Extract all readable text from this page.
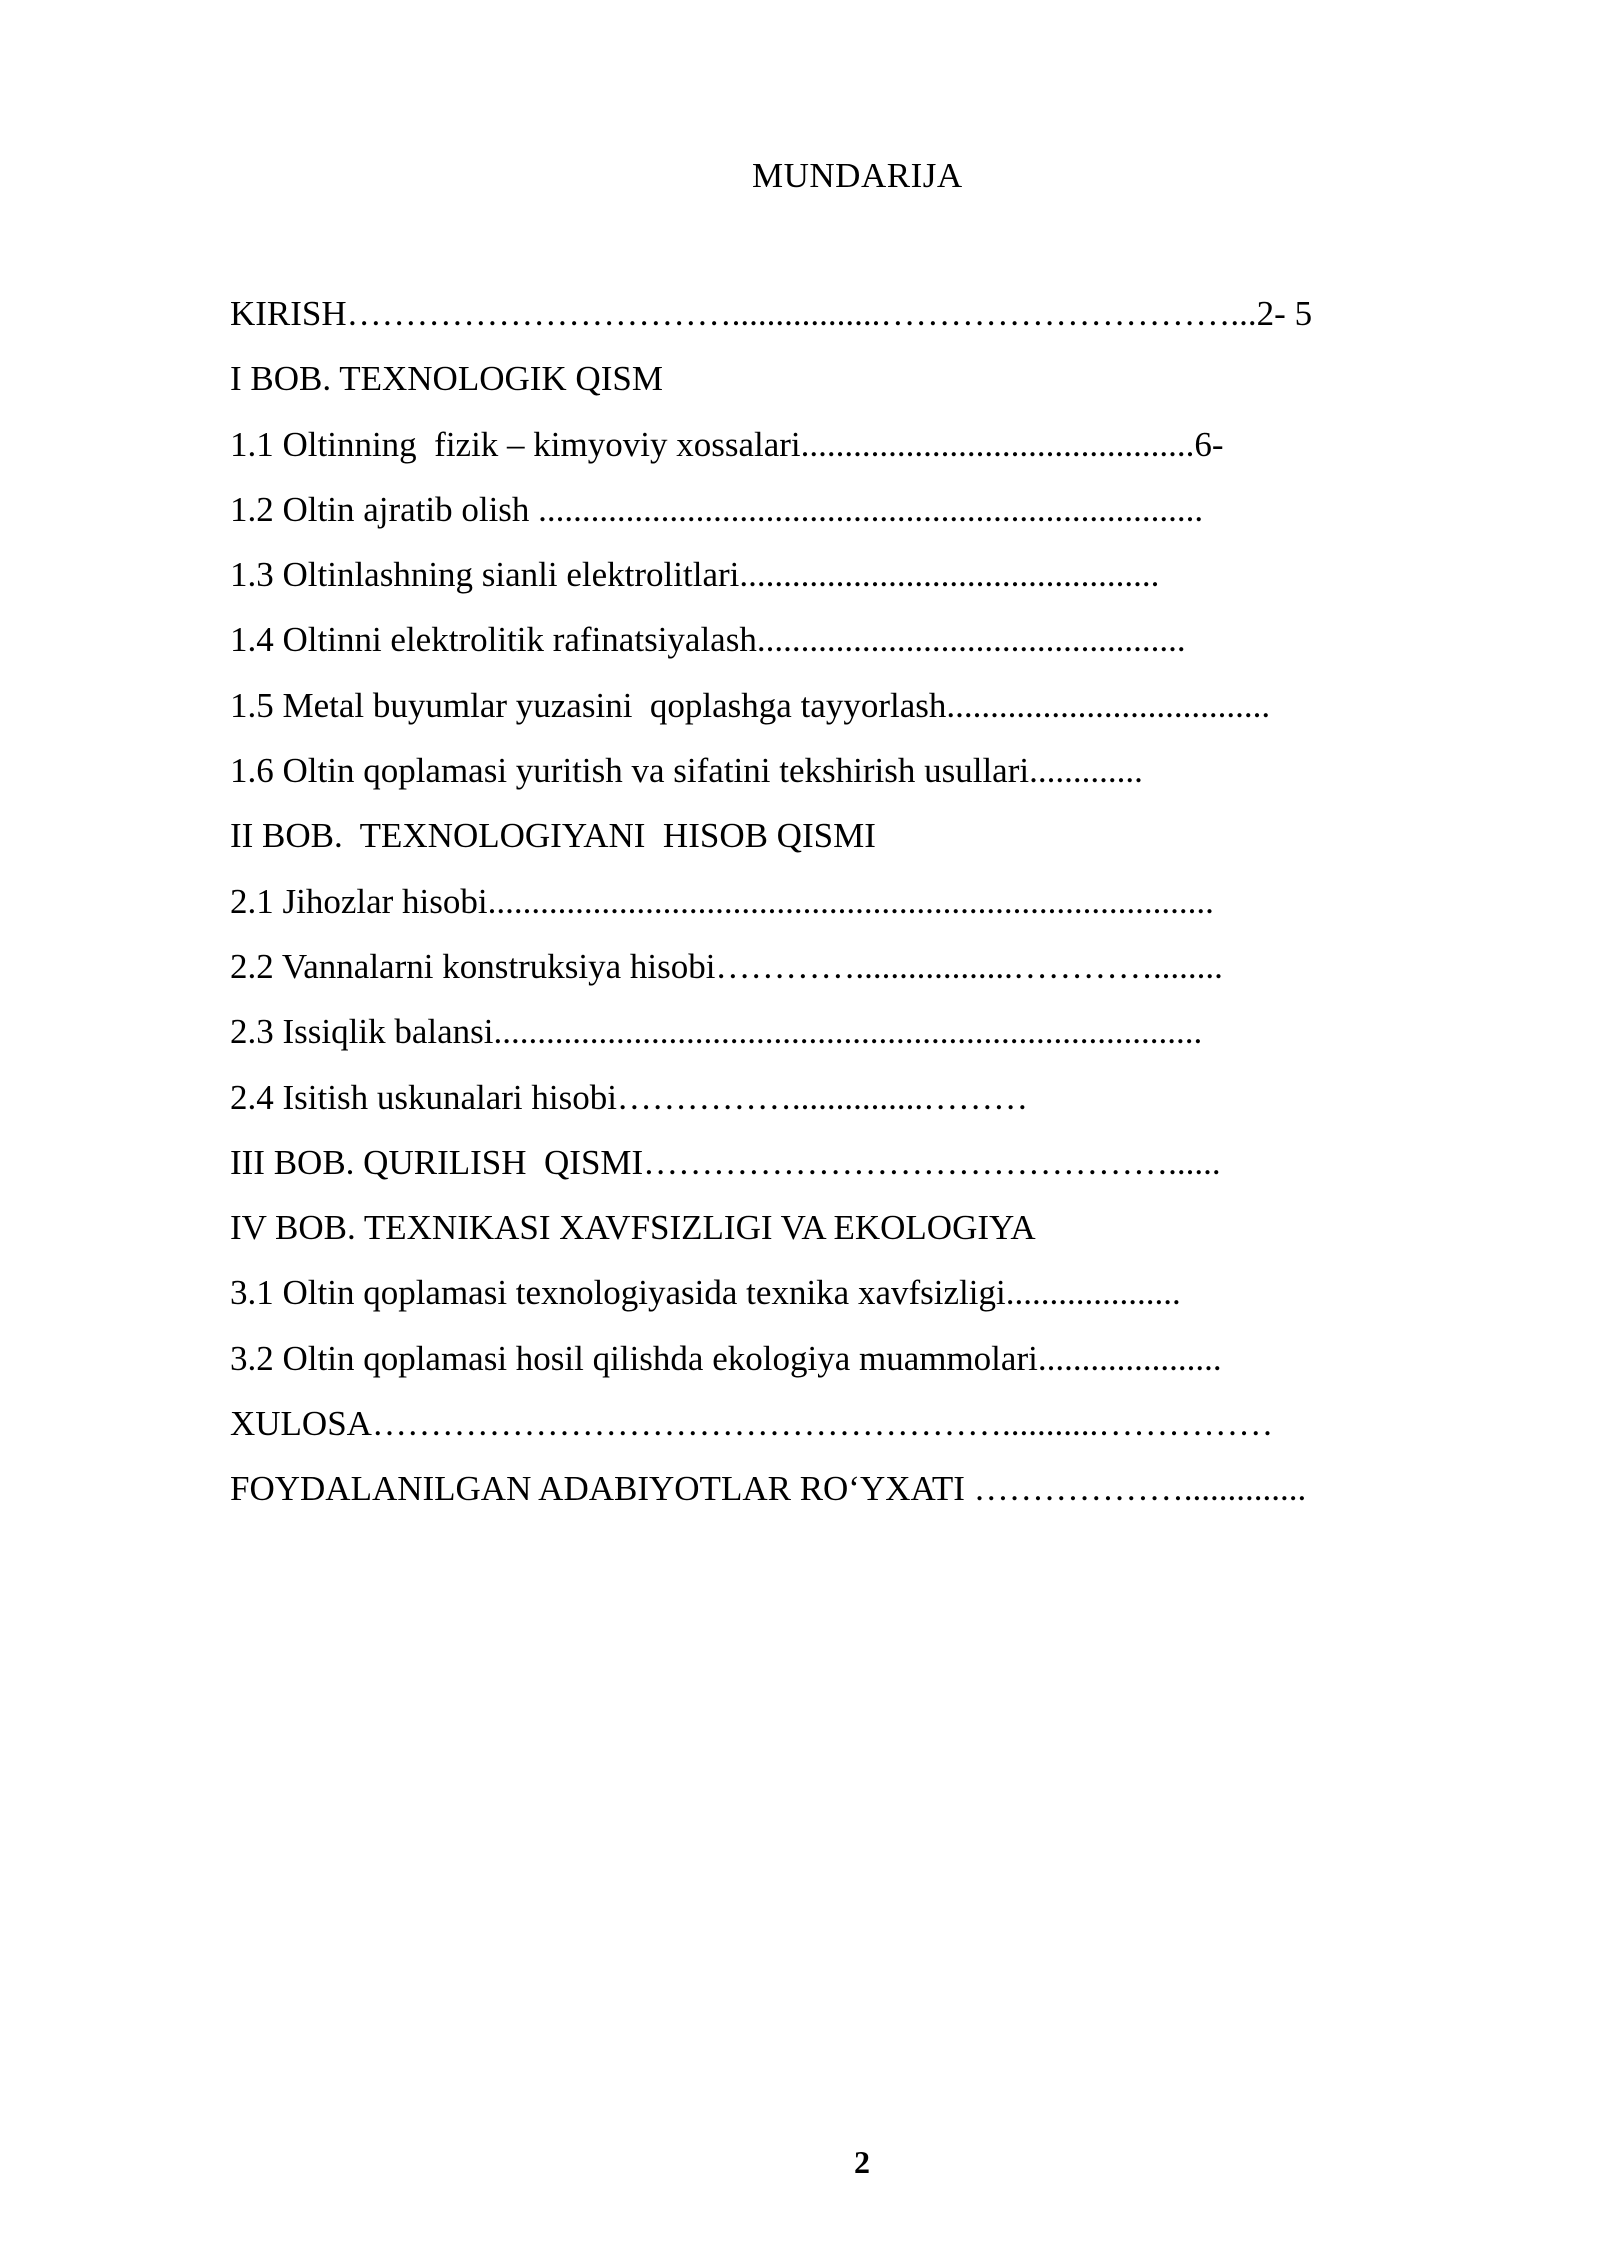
MUNDARIJA
KIRISH…………………………….................…………………………...2- 5
I BOB. TEXNOLOGIK QISM
1.1 Oltinning  fizik – kimyoviy xossalari.............................................6-
1.2 Oltin ajratib olish ............................................................................
1.3 Oltinlashning sianli elektrolitlari................................................
1.4 Oltinni elektrolitik rafinatsiyalash.................................................
1.5 Metal buyumlar yuzasini  qoplashga tayyorlash.....................................
1.6 Oltin qoplamasi yuritish va sifatini tekshirish usullari.............
II BOB.  TEXNOLOGIYANI  HISOB QISMI
2.1 Jihozlar hisobi...................................................................................
2.2 Vannalarni konstruksiya hisobi…………..................…………........
2.3 Issiqlik balansi.................................................................................
2.4 Isitish uskunalari hisobi……………...............………
III BOB. QURILISH  QISMI………………………………………......
IV BOB. TEXNIKASI XAVFSIZLIGI VA EKOLOGIYA
3.1 Oltin qoplamasi texnologiyasida texnika xavfsizligi....................
3.2 Oltin qoplamasi hosil qilishda ekologiya muammolari.....................
XULOSA………………………………………………...........……………
FOYDALANILGAN ADABIYOTLAR RO‘YXATI ………………..............
2
